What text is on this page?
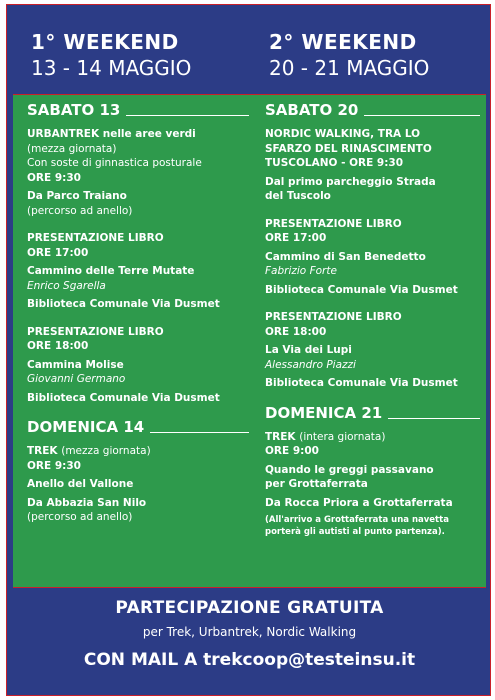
1° WEEKEND
13 - 14 MAGGIO
2° WEEKEND
20 - 21 MAGGIO
SABATO 13
URBANTREK nelle aree verdi
(mezza giornata)
Con soste di ginnastica posturale
ORE 9:30
Da Parco Traiano
(percorso ad anello)
PRESENTAZIONE LIBRO
ORE 17:00
Cammino delle Terre Mutate
Enrico Sgarella
Biblioteca Comunale Via Dusmet
PRESENTAZIONE LIBRO
ORE 18:00
Cammina Molise
Giovanni Germano
Biblioteca Comunale Via Dusmet
DOMENICA 14
TREK (mezza giornata)
ORE 9:30
Anello del Vallone
Da Abbazia San Nilo
(percorso ad anello)
SABATO 20
NORDIC WALKING, TRA LO
SFARZO DEL RINASCIMENTO
TUSCOLANO - ORE 9:30
Dal primo parcheggio Strada
del Tuscolo
PRESENTAZIONE LIBRO
ORE 17:00
Cammino di San Benedetto
Fabrizio Forte
Biblioteca Comunale Via Dusmet
PRESENTAZIONE LIBRO
ORE 18:00
La Via dei Lupi
Alessandro Piazzi
Biblioteca Comunale Via Dusmet
DOMENICA 21
TREK (intera giornata)
ORE 9:00
Quando le greggi passavano
per Grottaferrata
Da Rocca Priora a Grottaferrata
(All'arrivo a Grottaferrata una navetta
porterà gli autisti al punto partenza).
PARTECIPAZIONE GRATUITA
per Trek, Urbantrek, Nordic Walking
CON MAIL A trekcoop@testeinsu.it
